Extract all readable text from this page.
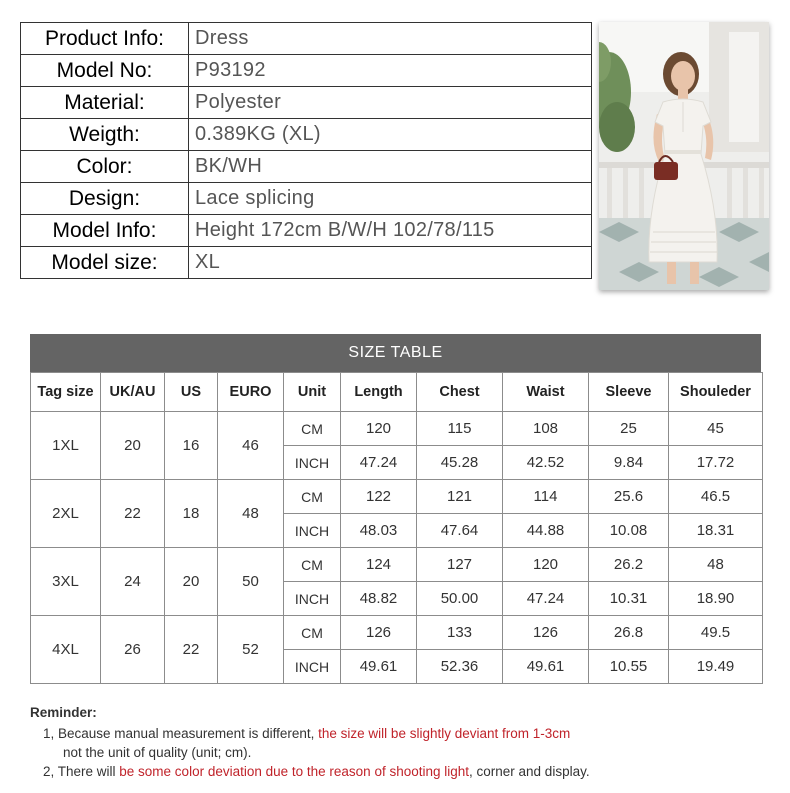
Product Info:	Dress
Model No:	P93192
Material:	Polyester
Weigth:	0.389KG (XL)
Color:	BK/WH
Design:	Lace splicing
Model Info:	Height 172cm B/W/H 102/78/115
Model size:	XL
SIZE TABLE
Tag size	UK/AU	US	EURO	Unit	Length	Chest	Waist	Sleeve	Shouleder
1XL	20	16	46	CM	120	115	108	25	45
				INCH	47.24	45.28	42.52	9.84	17.72
2XL	22	18	48	CM	122	121	114	25.6	46.5
				INCH	48.03	47.64	44.88	10.08	18.31
3XL	24	20	50	CM	124	127	120	26.2	48
				INCH	48.82	50.00	47.24	10.31	18.90
4XL	26	22	52	CM	126	133	126	26.8	49.5
				INCH	49.61	52.36	49.61	10.55	19.49
Reminder:
1, Because manual measurement is different, the size will be slightly deviant from 1-3cm
not the unit of quality (unit; cm).
2, There will be some color deviation due to the reason of shooting light, corner and display.
